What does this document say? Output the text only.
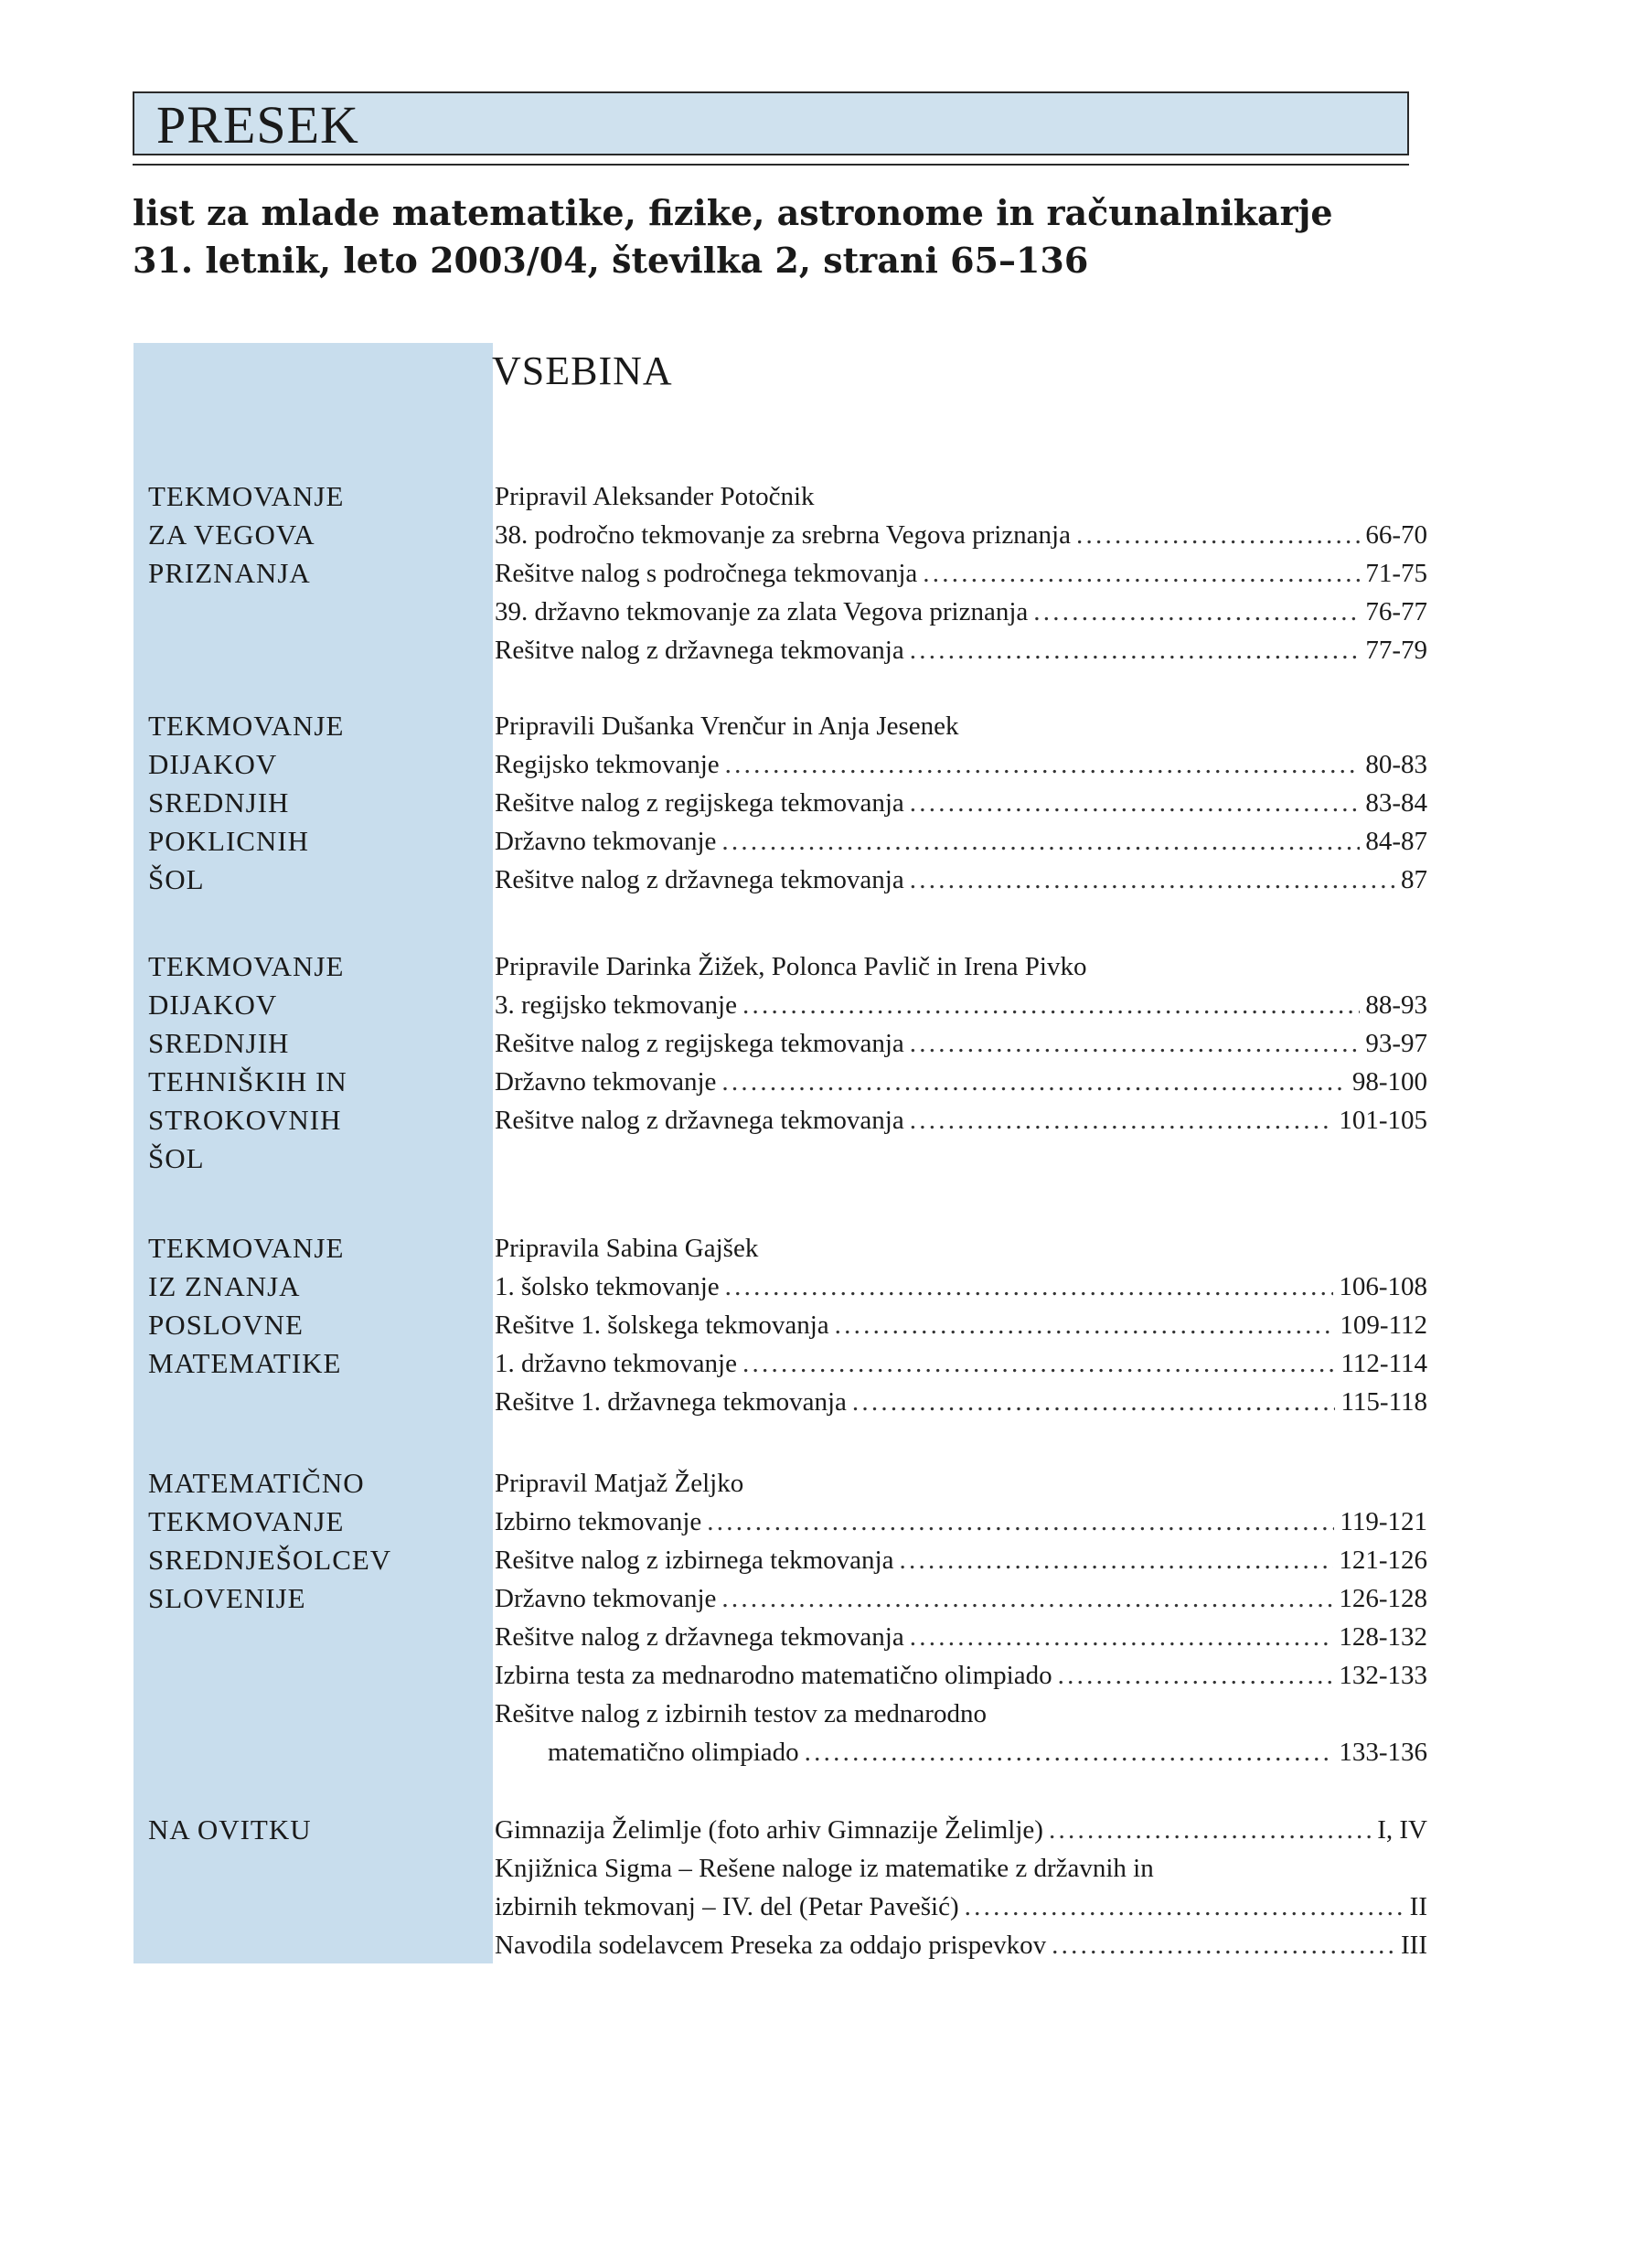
PRESEK
list za mlade matematike, fizike, astronome in računalnikarje
31. letnik, leto 2003/04, številka 2, strani 65–136
VSEBINA
TEKMOVANJE
ZA VEGOVA
PRIZNANJA
Pripravil Aleksander Potočnik
38. področno tekmovanje za srebrna Vegova priznanja . . .	66-70
Rešitve nalog s področnega tekmovanja . . .	71-75
39. državno tekmovanje za zlata Vegova priznanja . . .	76-77
Rešitve nalog z državnega tekmovanja . . .	77-79
TEKMOVANJE
DIJAKOV
SREDNJIH
POKLICNIH
ŠOL
Pripravili Dušanka Vrenčur in Anja Jesenek
Regijsko tekmovanje . . .	80-83
Rešitve nalog z regijskega tekmovanja . . .	83-84
Državno tekmovanje . . .	84-87
Rešitve nalog z državnega tekmovanja . . .	87
TEKMOVANJE
DIJAKOV
SREDNJIH
TEHNIŠKIH IN
STROKOVNIH
ŠOL
Pripravile Darinka Žižek, Polonca Pavlič in Irena Pivko
3. regijsko tekmovanje . . .	88-93
Rešitve nalog z regijskega tekmovanja . . .	93-97
Državno tekmovanje . . .	98-100
Rešitve nalog z državnega tekmovanja . . .	101-105
TEKMOVANJE
IZ ZNANJA
POSLOVNE
MATEMATIKE
Pripravila Sabina Gajšek
1. šolsko tekmovanje . . .	106-108
Rešitve 1. šolskega tekmovanja . . .	109-112
1. državno tekmovanje . . .	112-114
Rešitve 1. državnega tekmovanja . . .	115-118
MATEMATIČNO
TEKMOVANJE
SREDNJEŠOLCEV
SLOVENIJE
Pripravil Matjaž Željko
Izbirno tekmovanje . . .	119-121
Rešitve nalog z izbirnega tekmovanja . . .	121-126
Državno tekmovanje . . .	126-128
Rešitve nalog z državnega tekmovanja . . .	128-132
Izbirna testa za mednarodno matematično olimpiado . . .	132-133
Rešitve nalog z izbirnih testov za mednarodno
matematično olimpiado . . .	133-136
NA OVITKU	Gimnazija Želimlje (foto arhiv Gimnazije Želimlje) . . .	I, IV
Knjižnica Sigma – Rešene naloge iz matematike z državnih in
izbirnih tekmovanj – IV. del (Petar Pavešić) . . .	II
Navodila sodelavcem Preseka za oddajo prispevkov . . .	III
